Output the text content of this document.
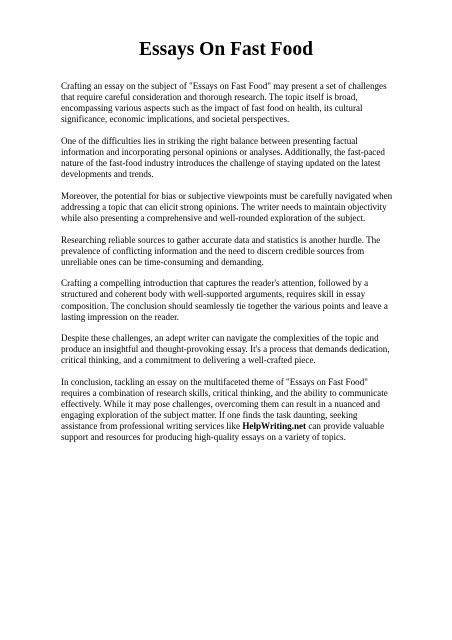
Essays On Fast Food

Crafting an essay on the subject of "Essays on Fast Food" may present a set of challenges that require careful consideration and thorough research. The topic itself is broad, encompassing various aspects such as the impact of fast food on health, its cultural significance, economic implications, and societal perspectives.

One of the difficulties lies in striking the right balance between presenting factual information and incorporating personal opinions or analyses. Additionally, the fast-paced nature of the fast-food industry introduces the challenge of staying updated on the latest developments and trends.

Moreover, the potential for bias or subjective viewpoints must be carefully navigated when addressing a topic that can elicit strong opinions. The writer needs to maintain objectivity while also presenting a comprehensive and well-rounded exploration of the subject.

Researching reliable sources to gather accurate data and statistics is another hurdle. The prevalence of conflicting information and the need to discern credible sources from unreliable ones can be time-consuming and demanding.

Crafting a compelling introduction that captures the reader's attention, followed by a structured and coherent body with well-supported arguments, requires skill in essay composition. The conclusion should seamlessly tie together the various points and leave a lasting impression on the reader.

Despite these challenges, an adept writer can navigate the complexities of the topic and produce an insightful and thought-provoking essay. It's a process that demands dedication, critical thinking, and a commitment to delivering a well-crafted piece.

In conclusion, tackling an essay on the multifaceted theme of "Essays on Fast Food" requires a combination of research skills, critical thinking, and the ability to communicate effectively. While it may pose challenges, overcoming them can result in a nuanced and engaging exploration of the subject matter. If one finds the task daunting, seeking assistance from professional writing services like HelpWriting.net can provide valuable support and resources for producing high-quality essays on a variety of topics.
